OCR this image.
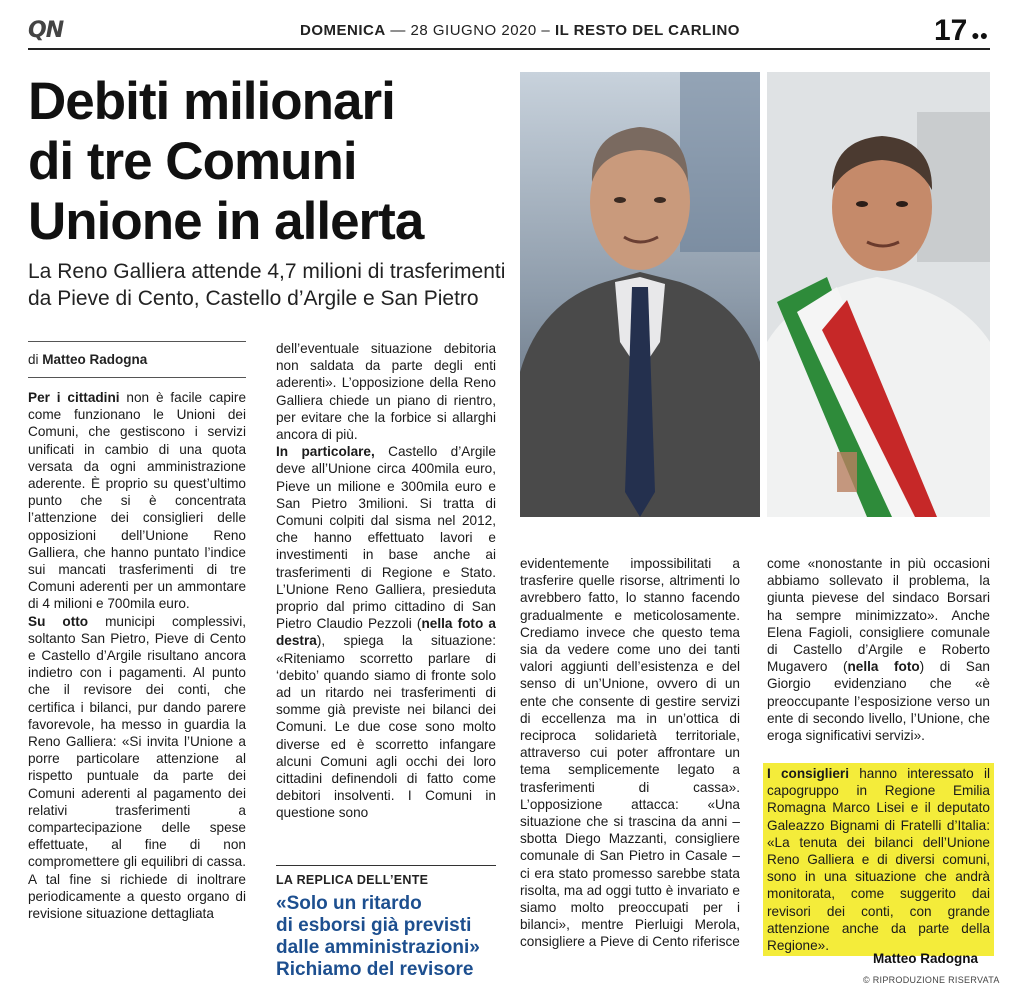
QN	DOMENICA — 28 GIUGNO 2020 – IL RESTO DEL CARLINO	17 ●●
Debiti milionari
di tre Comuni
Unione in allerta
La Reno Galliera attende 4,7 milioni di trasferimenti
da Pieve di Cento, Castello d’Argile e San Pietro
di Matteo Radogna

Per i cittadini non è facile capire come funzionano le Unioni dei Comuni, che gestiscono i servizi unificati in cambio di una quota versata da ogni amministrazione aderente. È proprio su quest’ultimo punto che si è concentrata l’attenzione dei consiglieri delle opposizioni dell’Unione Reno Galliera, che hanno puntato l’indice sui mancati trasferimenti di tre Comuni aderenti per un ammontare di 4 milioni e 700mila euro.

Su otto municipi complessivi, soltanto San Pietro, Pieve di Cento e Castello d’Argile risultano ancora indietro con i pagamenti. Al punto che il revisore dei conti, che certifica i bilanci, pur dando parere favorevole, ha messo in guardia la Reno Galliera: «Si invita l’Unione a porre particolare attenzione al rispetto puntuale da parte dei Comuni aderenti al pagamento dei relativi trasferimenti a compartecipazione delle spese effettuate, al fine di non compromettere gli equilibri di cassa. A tal fine si richiede di inoltrare periodicamente a questo organo di revisione situazione dettagliata

dell’eventuale situazione debitoria non saldata da parte degli enti aderenti». L’opposizione della Reno Galliera chiede un piano di rientro, per evitare che la forbice si allarghi ancora di più.

In particolare, Castello d’Argile deve all’Unione circa 400mila euro, Pieve un milione e 300mila euro e San Pietro 3milioni. Si tratta di Comuni colpiti dal sisma nel 2012, che hanno effettuato lavori e investimenti in base anche ai trasferimenti di Regione e Stato. L’Unione Reno Galliera, presieduta proprio dal primo cittadino di San Pietro Claudio Pezzoli (nella foto a destra), spiega la situazione: «Riteniamo scorretto parlare di ‘debito’ quando siamo di fronte solo ad un ritardo nei trasferimenti di somme già previste nei bilanci dei Comuni. Le due cose sono molto diverse ed è scorretto infangare alcuni Comuni agli occhi dei loro cittadini definendoli di fatto come debitori insolventi. I Comuni in questione sono

LA REPLICA DELL’ENTE
«Solo un ritardo
di esborsi già previsti
dalle amministrazioni»
Richiamo del revisore

evidentemente impossibilitati a trasferire quelle risorse, altrimenti lo avrebbero fatto, lo stanno facendo gradualmente e meticolosamente. Crediamo invece che questo tema sia da vedere come uno dei tanti valori aggiunti dell’esistenza e del senso di un’Unione, ovvero di un ente che consente di gestire servizi di eccellenza ma in un’ottica di reciproca solidarietà territoriale, attraverso cui poter affrontare un tema semplicemente legato a trasferimenti di cassa». L’opposizione attacca: «Una situazione che si trascina da anni – sbotta Diego Mazzanti, consigliere comunale di San Pietro in Casale – ci era stato promesso sarebbe stata risolta, ma ad oggi tutto è invariato e siamo molto preoccupati per i bilanci», mentre Pierluigi Merola, consigliere a Pieve di Cento riferisce

come «nonostante in più occasioni abbiamo sollevato il problema, la giunta pievese del sindaco Borsari ha sempre minimizzato». Anche Elena Fagioli, consigliere comunale di Castello d’Argile e Roberto Mugavero (nella foto) di San Giorgio evidenziano che «è preoccupante l’esposizione verso un ente di secondo livello, l’Unione, che eroga significativi servizi».

I consiglieri hanno interessato il capogruppo in Regione Emilia Romagna Marco Lisei e il deputato Galeazzo Bignami di Fratelli d’Italia: «La tenuta dei bilanci dell’Unione Reno Galliera e di diversi comuni, sono in una situazione che andrà monitorata, come suggerito dai revisori dei conti, con grande attenzione anche da parte della Regione».

Matteo Radogna
© RIPRODUZIONE RISERVATA
